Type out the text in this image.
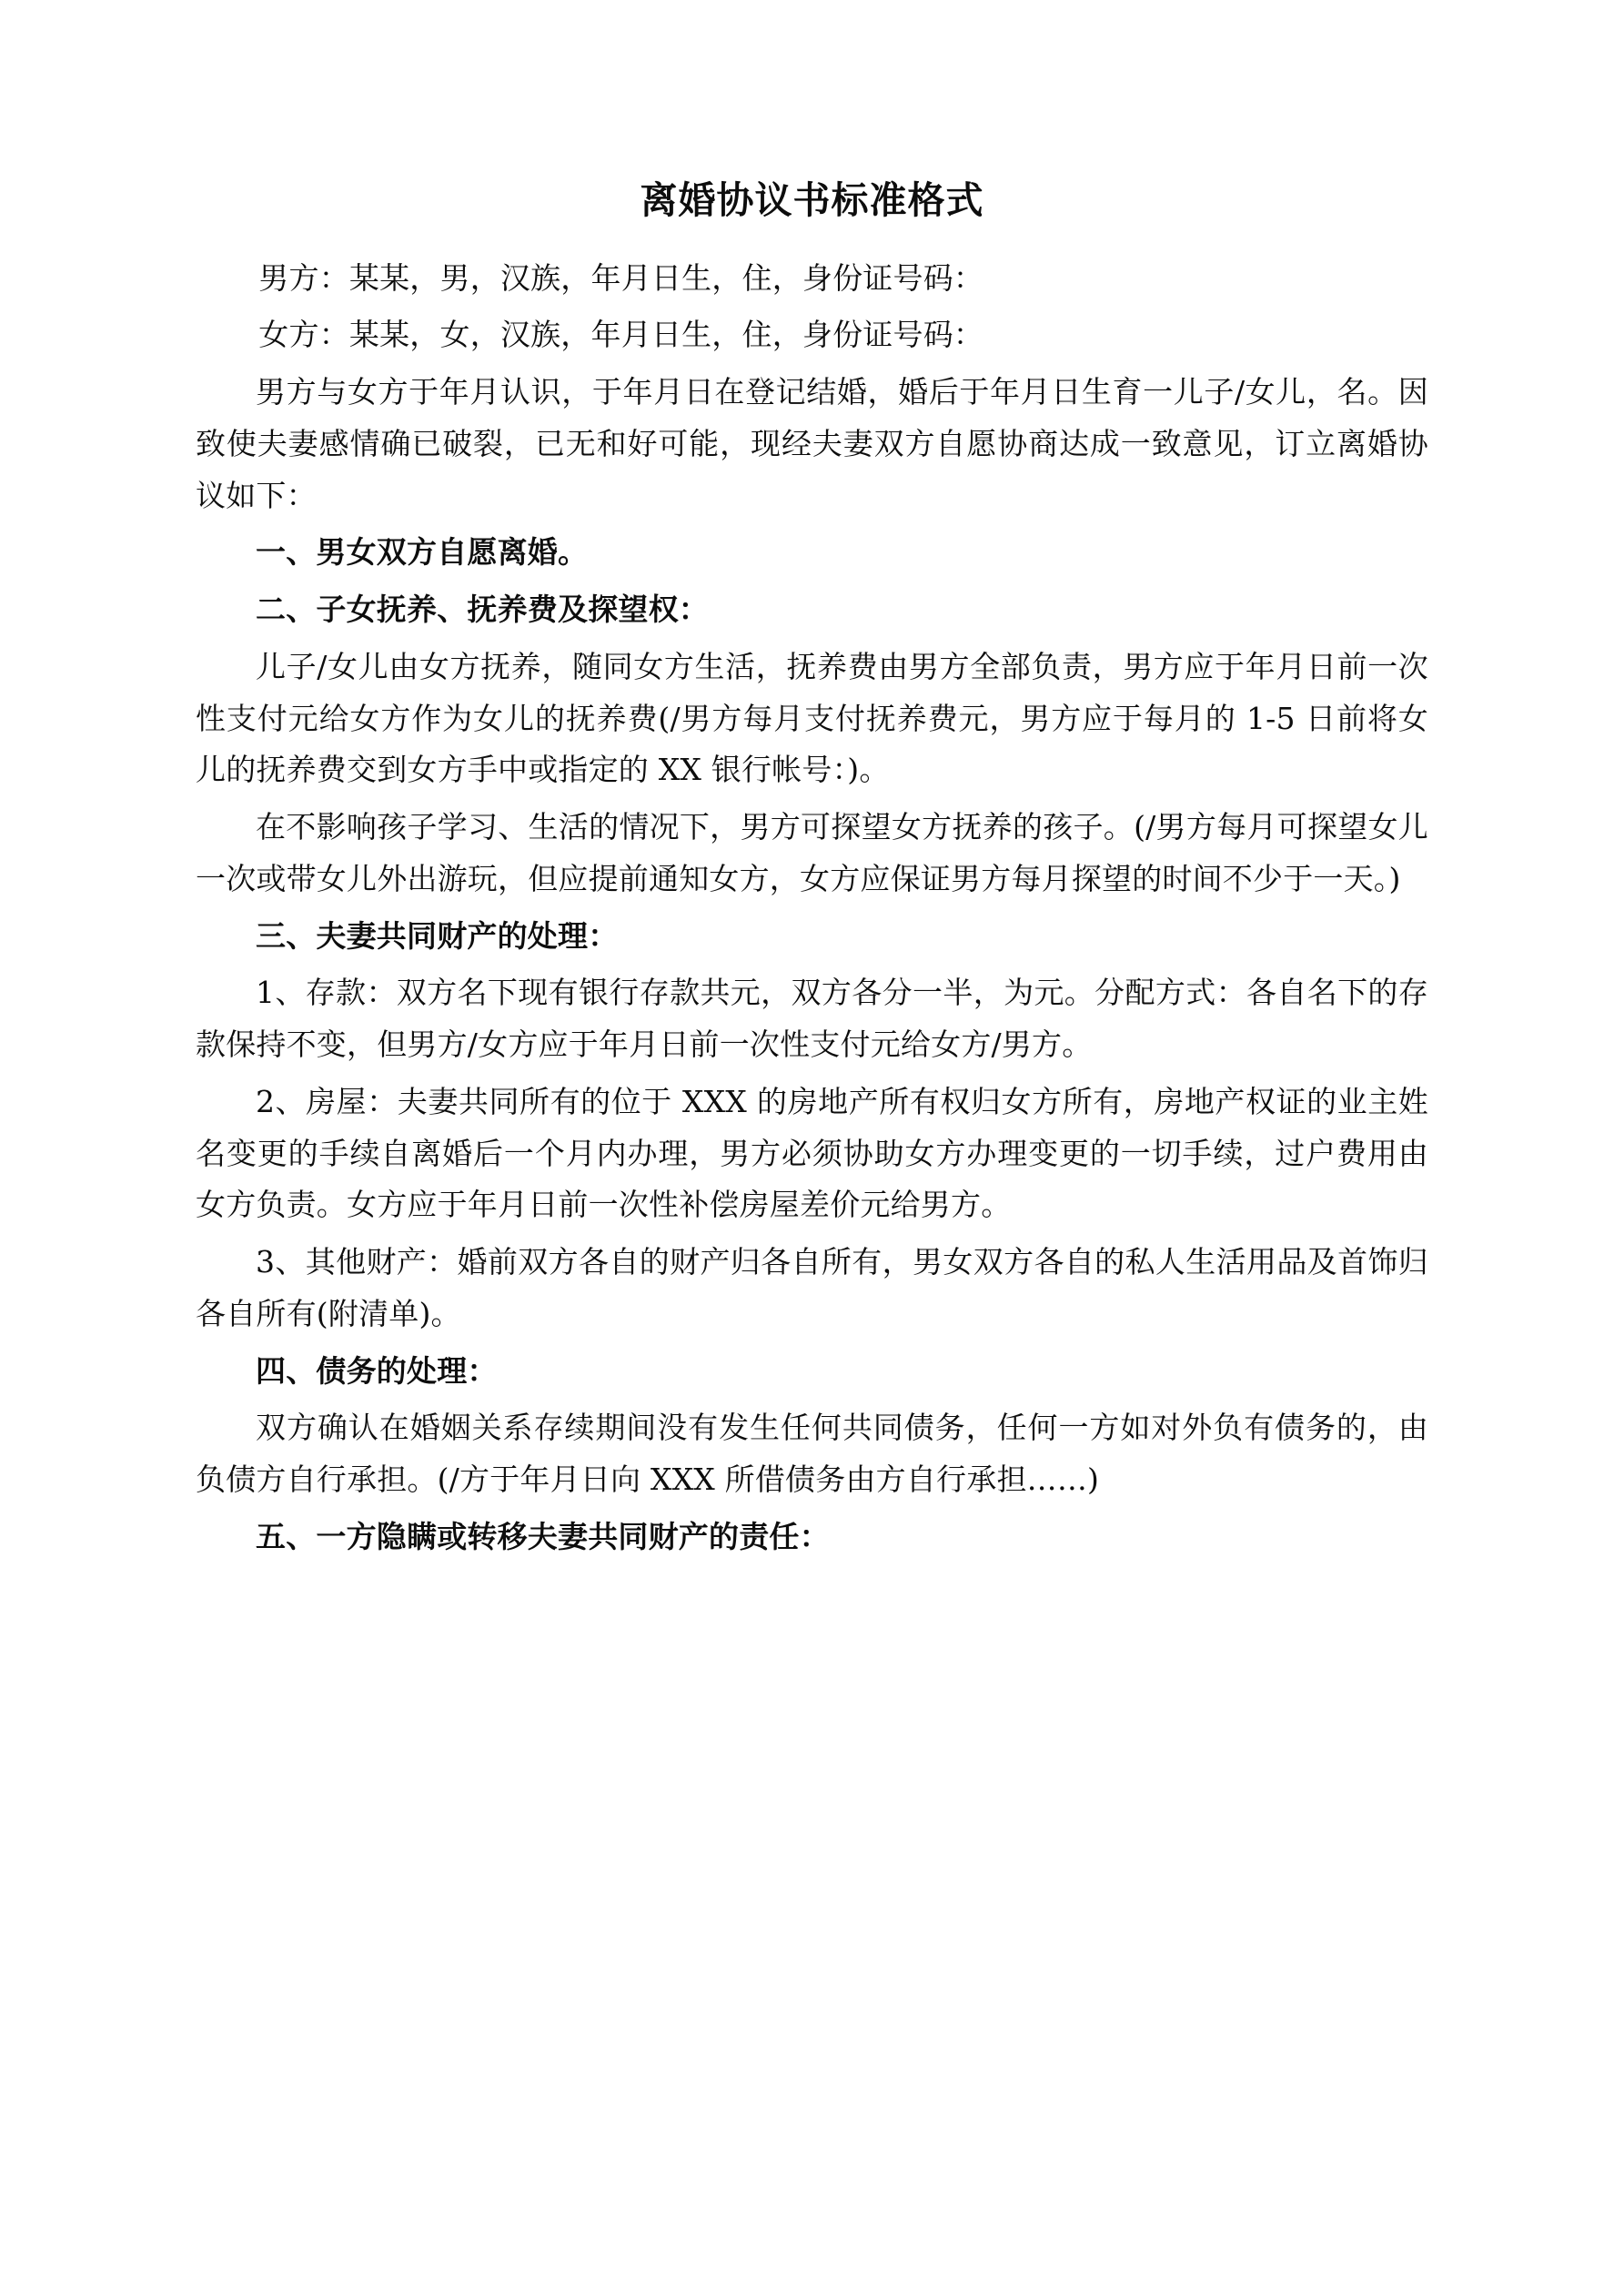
离婚协议书标准格式

男方：某某，男，汉族，年月日生，住，身份证号码：

女方：某某，女，汉族，年月日生，住，身份证号码：

男方与女方于年月认识，于年月日在登记结婚，婚后于年月日生育一儿子/女儿，名。因致使夫妻感情确已破裂，已无和好可能，现经夫妻双方自愿协商达成一致意见，订立离婚协议如下：

一、男女双方自愿离婚。

二、子女抚养、抚养费及探望权：

儿子/女儿由女方抚养，随同女方生活，抚养费由男方全部负责，男方应于年月日前一次性支付元给女方作为女儿的抚养费(/男方每月支付抚养费元，男方应于每月的 1-5 日前将女儿的抚养费交到女方手中或指定的 XX 银行帐号：)。

在不影响孩子学习、生活的情况下，男方可探望女方抚养的孩子。(/男方每月可探望女儿一次或带女儿外出游玩，但应提前通知女方，女方应保证男方每月探望的时间不少于一天。)

三、夫妻共同财产的处理：

1、存款：双方名下现有银行存款共元，双方各分一半，为元。分配方式：各自名下的存款保持不变，但男方/女方应于年月日前一次性支付元给女方/男方。

2、房屋：夫妻共同所有的位于 XXX 的房地产所有权归女方所有，房地产权证的业主姓名变更的手续自离婚后一个月内办理，男方必须协助女方办理变更的一切手续，过户费用由女方负责。女方应于年月日前一次性补偿房屋差价元给男方。

3、其他财产：婚前双方各自的财产归各自所有，男女双方各自的私人生活用品及首饰归各自所有(附清单)。

四、债务的处理：

双方确认在婚姻关系存续期间没有发生任何共同债务，任何一方如对外负有债务的，由负债方自行承担。(/方于年月日向 XXX 所借债务由方自行承担……)

五、一方隐瞒或转移夫妻共同财产的责任：
